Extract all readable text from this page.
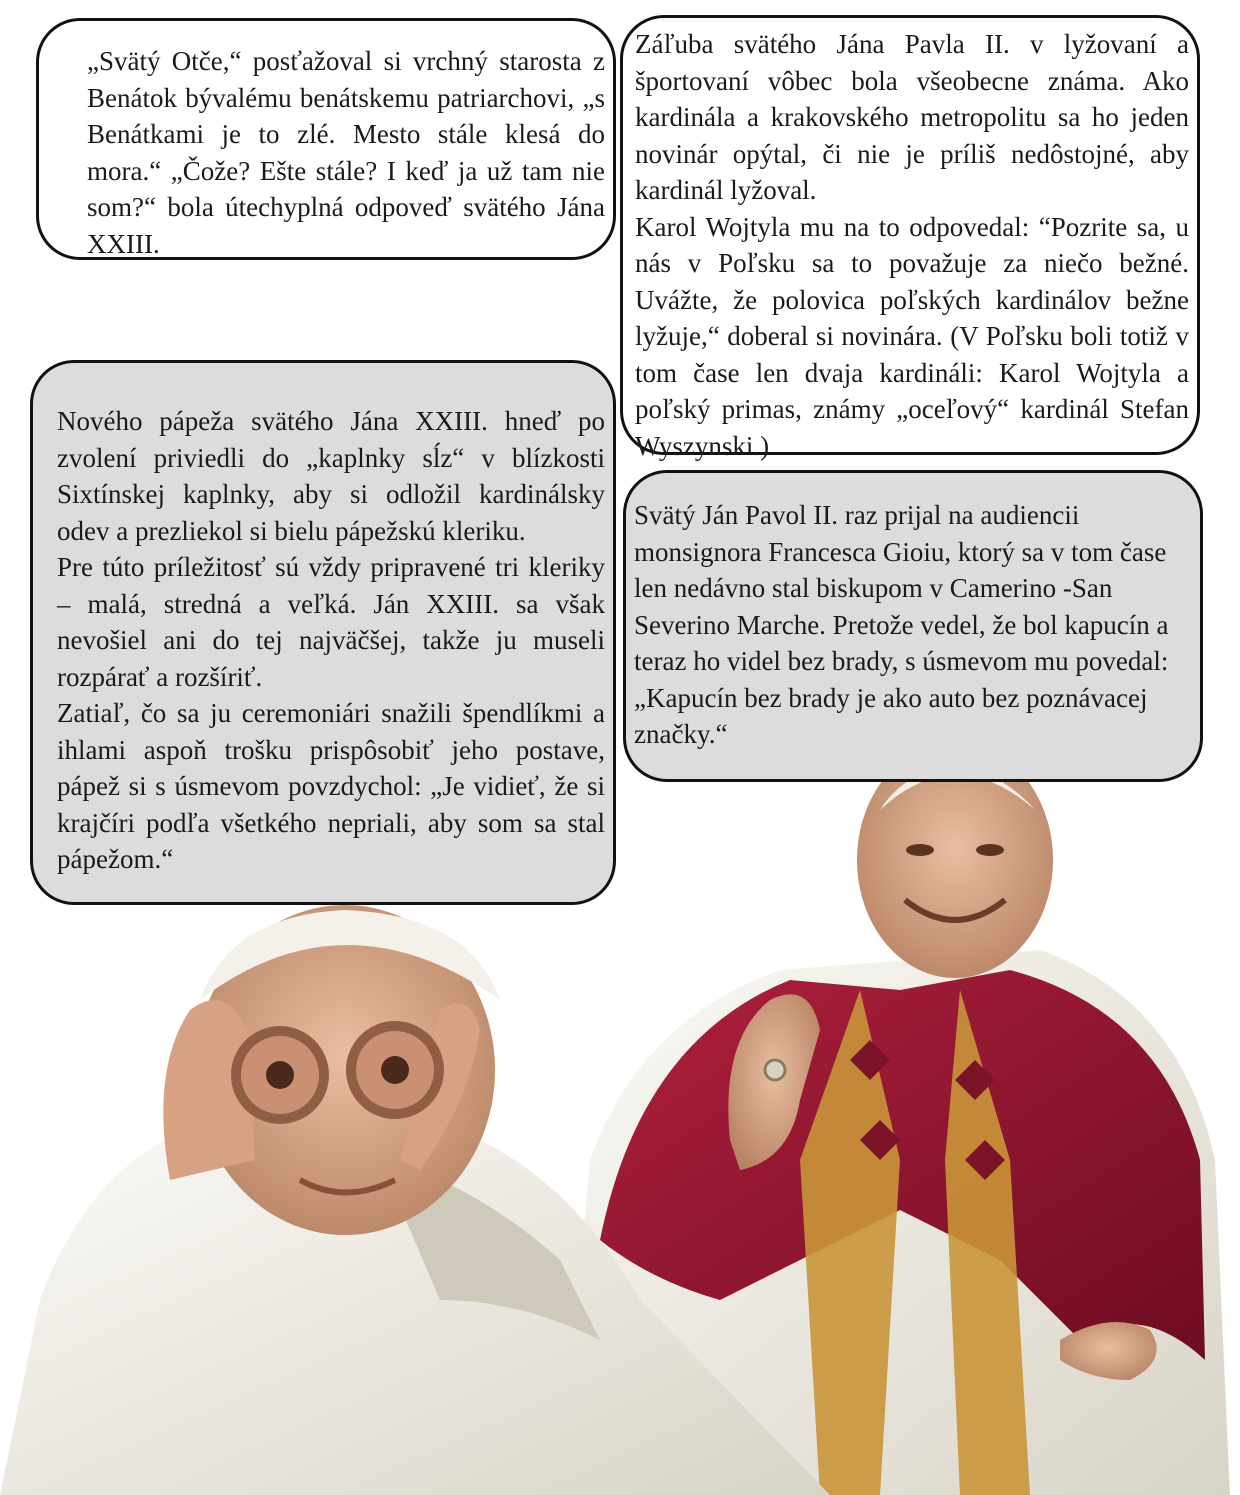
„Svätý Otče,“ posťažoval si vrchný starosta z Benátok bývalému benátskemu patriarchovi, „s Benátkami je to zlé. Mesto stále klesá do mora.“ „Čože? Ešte stále? I keď ja už tam nie som?“ bola útechyplná odpoveď svätého Jána XXIII.

Záľuba svätého Jána Pavla II. v lyžovaní a športovaní vôbec bola všeobecne známa. Ako kardinála a krakovského metropolitu sa ho jeden novinár opýtal, či nie je príliš nedôstojné, aby kardinál lyžoval.

Karol Wojtyla mu na to odpovedal: “Pozrite sa, u nás v Poľsku sa to považuje za niečo bežné. Uvážte, že polovica poľských kardinálov bežne lyžuje,“ doberal si novinára. (V Poľsku boli totiž v tom čase len dvaja kardináli: Karol Wojtyla a poľský primas, známy „oceľový“ kardinál Stefan Wyszynski.)

Nového pápeža svätého Jána XXIII. hneď po zvolení priviedli do „kaplnky sĺz“ v blízkosti Sixtínskej kaplnky, aby si odložil kardinálsky odev a prezliekol si bielu pápežskú kleriku.

Pre túto príležitosť sú vždy pripravené tri kleriky – malá, stredná a veľká. Ján XXIII. sa však nevošiel ani do tej najväčšej, takže ju museli rozpárať a rozšíriť.

Zatiaľ, čo sa ju ceremoniári snažili špendlíkmi a ihlami aspoň trošku prispôsobiť jeho postave, pápež si s úsmevom povzdychol: „Je vidieť, že si krajčíri podľa všetkého nepriali, aby som sa stal pápežom.“

Svätý Ján Pavol II. raz prijal na audiencii monsignora Francesca Gioiu, ktorý sa v tom čase len nedávno stal biskupom v Camerino -San Severino Marche. Pretože vedel, že bol kapucín a teraz ho videl bez brady, s úsmevom mu povedal: „Kapucín bez brady je ako auto bez poznávacej značky.“
